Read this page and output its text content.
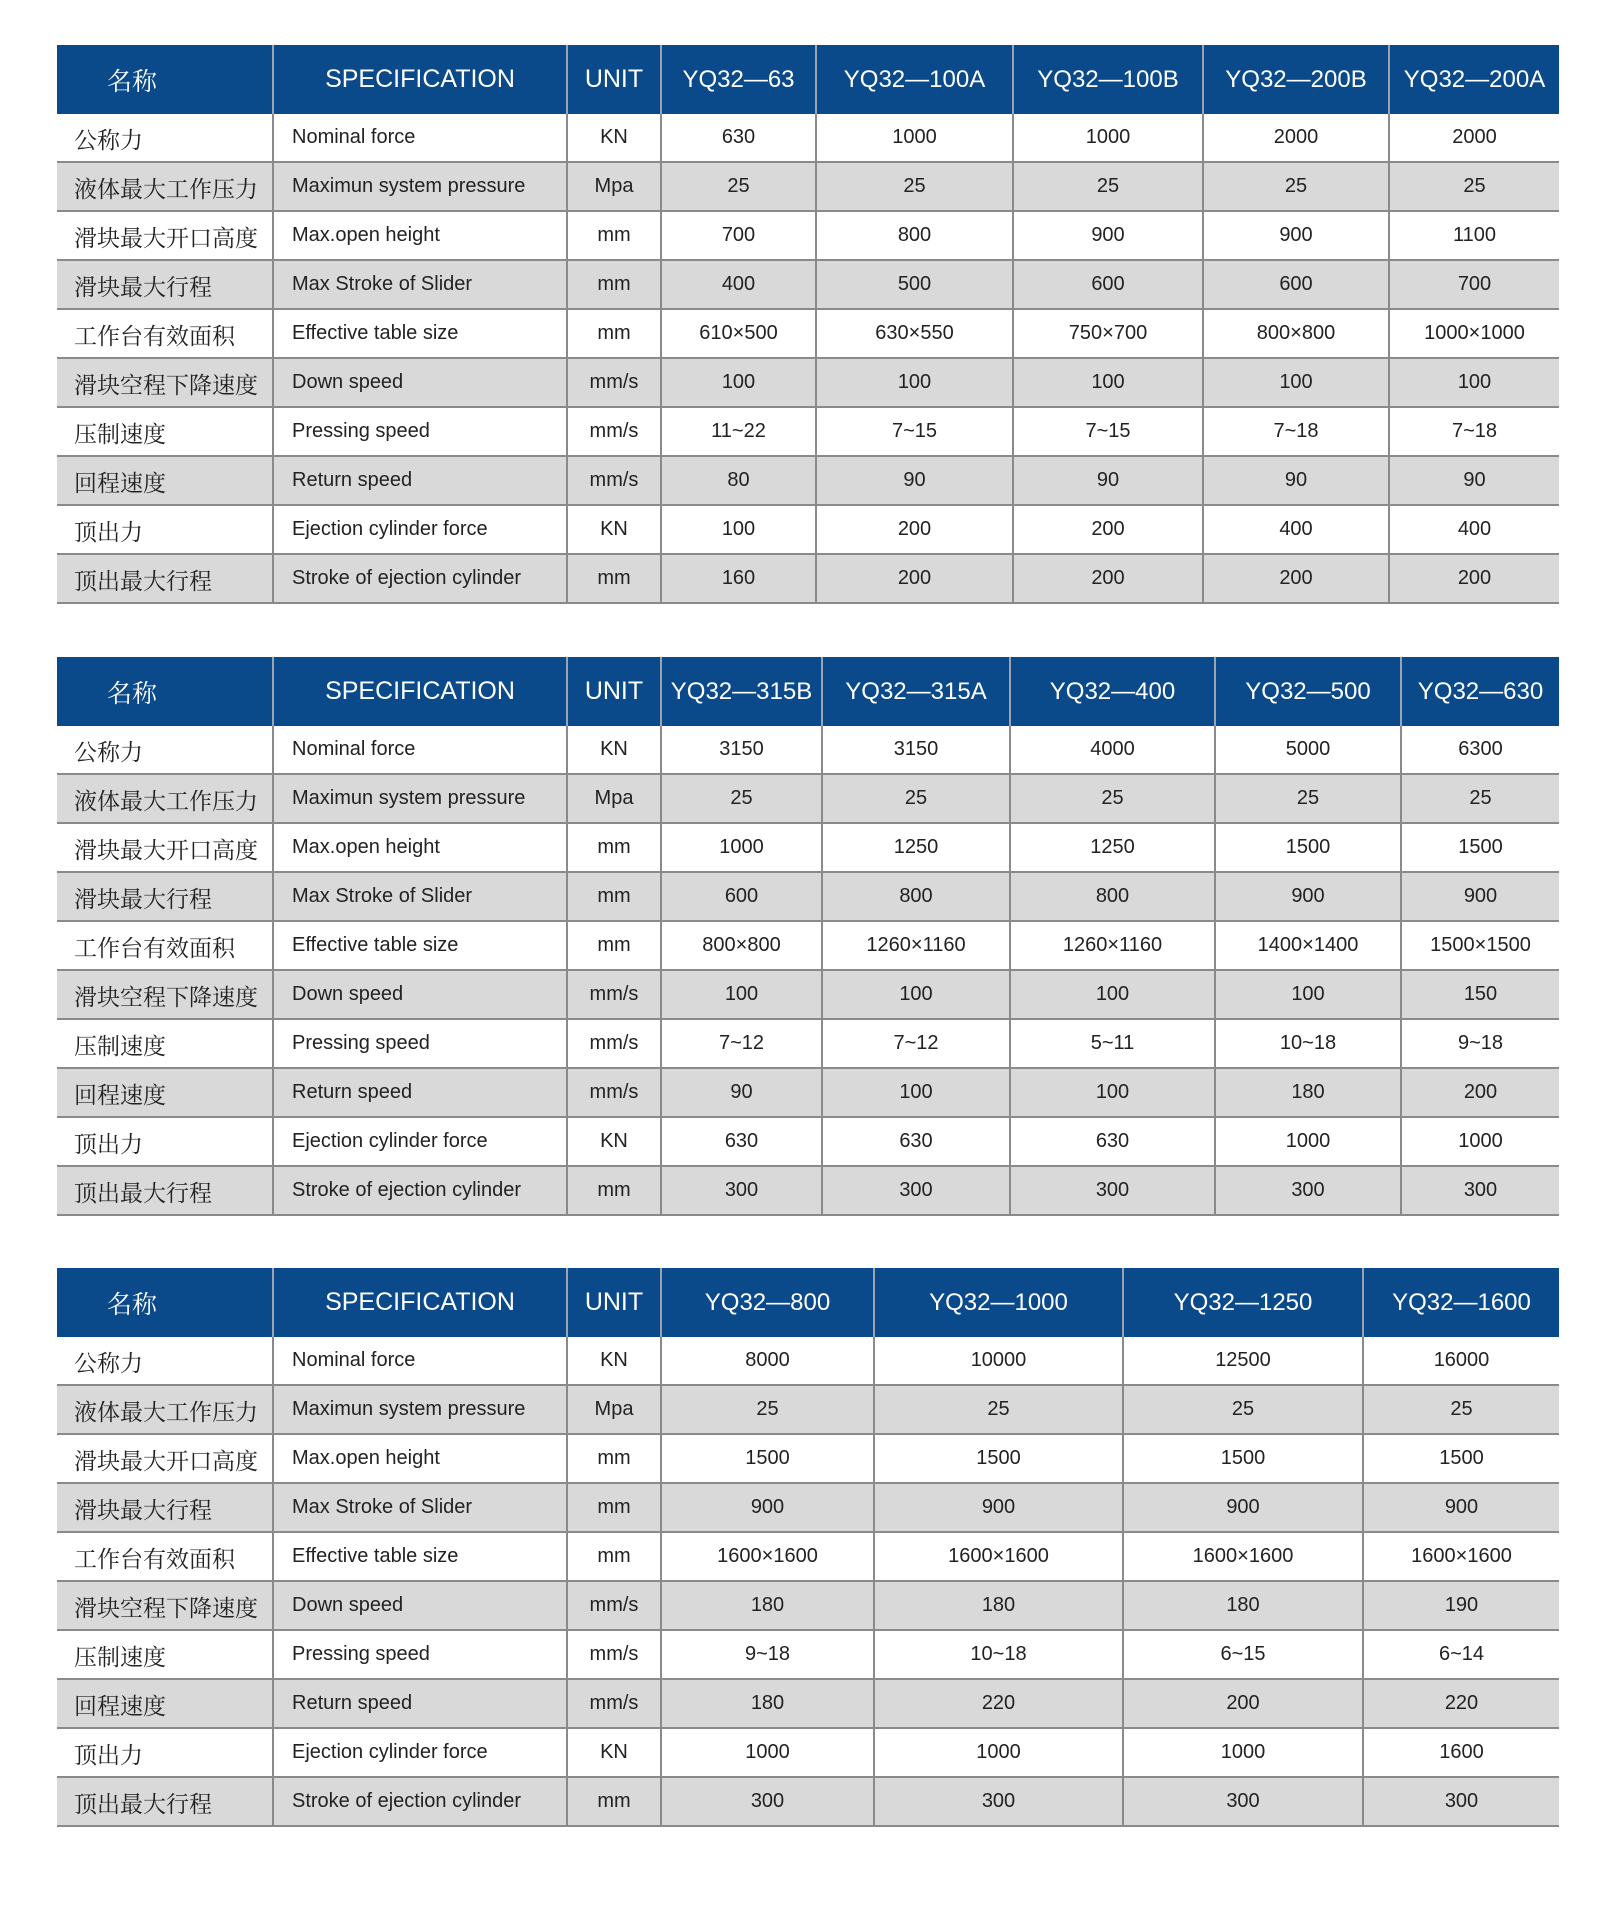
名称	SPECIFICATION	UNIT	YQ32—63	YQ32—100A	YQ32—100B	YQ32—200B	YQ32—200A
公称力	Nominal force	KN	630	1000	1000	2000	2000
液体最大工作压力	Maximun system pressure	Mpa	25	25	25	25	25
滑块最大开口高度	Max.open height	mm	700	800	900	900	1100
滑块最大行程	Max Stroke of Slider	mm	400	500	600	600	700
工作台有效面积	Effective table size	mm	610×500	630×550	750×700	800×800	1000×1000
滑块空程下降速度	Down speed	mm/s	100	100	100	100	100
压制速度	Pressing speed	mm/s	11~22	7~15	7~15	7~18	7~18
回程速度	Return speed	mm/s	80	90	90	90	90
顶出力	Ejection cylinder force	KN	100	200	200	400	400
顶出最大行程	Stroke of ejection cylinder	mm	160	200	200	200	200
名称	SPECIFICATION	UNIT	YQ32—315B	YQ32—315A	YQ32—400	YQ32—500	YQ32—630
公称力	Nominal force	KN	3150	3150	4000	5000	6300
液体最大工作压力	Maximun system pressure	Mpa	25	25	25	25	25
滑块最大开口高度	Max.open height	mm	1000	1250	1250	1500	1500
滑块最大行程	Max Stroke of Slider	mm	600	800	800	900	900
工作台有效面积	Effective table size	mm	800×800	1260×1160	1260×1160	1400×1400	1500×1500
滑块空程下降速度	Down speed	mm/s	100	100	100	100	150
压制速度	Pressing speed	mm/s	7~12	7~12	5~11	10~18	9~18
回程速度	Return speed	mm/s	90	100	100	180	200
顶出力	Ejection cylinder force	KN	630	630	630	1000	1000
顶出最大行程	Stroke of ejection cylinder	mm	300	300	300	300	300
名称	SPECIFICATION	UNIT	YQ32—800	YQ32—1000	YQ32—1250	YQ32—1600
公称力	Nominal force	KN	8000	10000	12500	16000
液体最大工作压力	Maximun system pressure	Mpa	25	25	25	25
滑块最大开口高度	Max.open height	mm	1500	1500	1500	1500
滑块最大行程	Max Stroke of Slider	mm	900	900	900	900
工作台有效面积	Effective table size	mm	1600×1600	1600×1600	1600×1600	1600×1600
滑块空程下降速度	Down speed	mm/s	180	180	180	190
压制速度	Pressing speed	mm/s	9~18	10~18	6~15	6~14
回程速度	Return speed	mm/s	180	220	200	220
顶出力	Ejection cylinder force	KN	1000	1000	1000	1600
顶出最大行程	Stroke of ejection cylinder	mm	300	300	300	300
